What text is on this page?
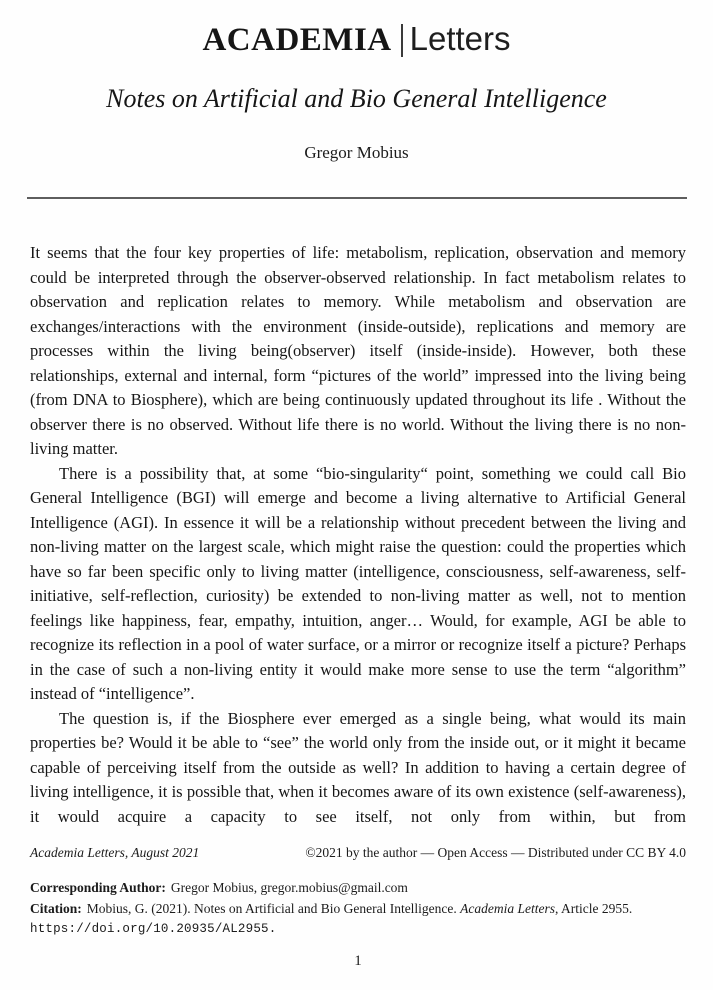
ACADEMIA Letters
Notes on Artificial and Bio General Intelligence
Gregor Mobius

It seems that the four key properties of life: metabolism, replication, observation and memory could be interpreted through the observer-observed relationship. In fact metabolism relates to observation and replication relates to memory. While metabolism and observation are exchanges/interactions with the environment (inside-outside), replications and memory are processes within the living being(observer) itself (inside-inside). However, both these relationships, external and internal, form “pictures of the world” impressed into the living being (from DNA to Biosphere), which are being continuously updated throughout its life . Without the observer there is no observed. Without life there is no world. Without the living there is no non-living matter.

There is a possibility that, at some “bio-singularity“ point, something we could call Bio General Intelligence (BGI) will emerge and become a living alternative to Artificial General Intelligence (AGI). In essence it will be a relationship without precedent between the living and non-living matter on the largest scale, which might raise the question: could the properties which have so far been specific only to living matter (intelligence, consciousness, self-awareness, self-initiative, self-reflection, curiosity) be extended to non-living matter as well, not to mention feelings like happiness, fear, empathy, intuition, anger… Would, for example, AGI be able to recognize its reflection in a pool of water surface, or a mirror or recognize itself a picture? Perhaps in the case of such a non-living entity it would make more sense to use the term “algorithm” instead of “intelligence”.

The question is, if the Biosphere ever emerged as a single being, what would its main properties be? Would it be able to “see” the world only from the inside out, or it might it became capable of perceiving itself from the outside as well? In addition to having a certain degree of living intelligence, it is possible that, when it becomes aware of its own existence (self-awareness), it would acquire a capacity to see itself, not only from within, but from

Academia Letters, August 2021	©2021 by the author — Open Access — Distributed under CC BY 4.0
Corresponding Author: Gregor Mobius, gregor.mobius@gmail.com
Citation: Mobius, G. (2021). Notes on Artificial and Bio General Intelligence. Academia Letters, Article 2955.
https://doi.org/10.20935/AL2955.
1
